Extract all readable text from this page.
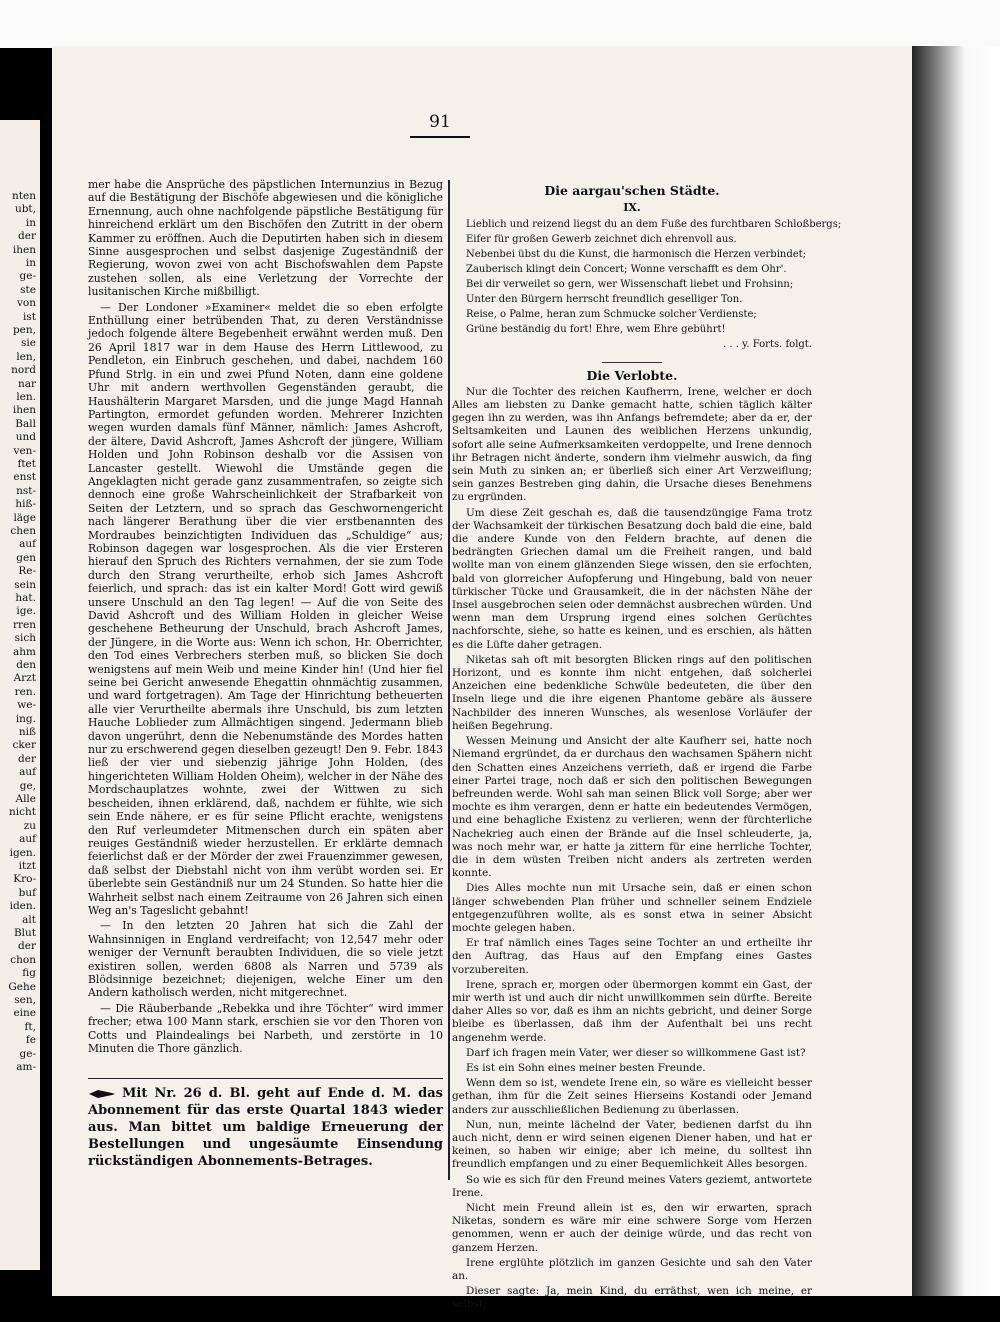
nten
ubt,
in
der
ihen
in
ge-
ste
von
ist
pen,
sie
len,
nord
nar
len.
ihen
Ball
und
ven-
ftet
enst
nst-
hiß-
läge
chen
auf
gen
Re-
sein
hat.
ige.
rren
sich
ahm
den
Arzt
ren.
we-
ing.
niß
cker
der
auf
ge,
Alle
nicht
zu
auf
igen.
itzt
Kro-
buf
iden.
alt
Blut
der
chon
fig
Gehe
sen,
eine
ft,
fe
ge-
am-
91

mer habe die Ansprüche des päpstlichen Internunzius in Bezug auf die Bestätigung der Bischöfe abgewiesen und die königliche Ernennung, auch ohne nachfolgende päpstliche Bestätigung für hinreichend erklärt um den Bischöfen den Zutritt in der obern Kammer zu eröffnen. Auch die Deputirten haben sich in diesem Sinne ausgesprochen und selbst dasjenige Zugeständniß der Regierung, wovon zwei von acht Bischofswahlen dem Papste zustehen sollen, als eine Verletzung der Vorrechte der lusitanischen Kirche mißbilligt.

— Der Londoner »Examiner« meldet die so eben erfolgte Enthüllung einer betrübenden That, zu deren Verständnisse jedoch folgende ältere Begebenheit erwähnt werden muß. Den 26 April 1817 war in dem Hause des Herrn Littlewood, zu Pendleton, ein Einbruch geschehen, und dabei, nachdem 160 Pfund Strlg. in ein und zwei Pfund Noten, dann eine goldene Uhr mit andern werthvollen Gegenständen geraubt, die Haushälterin Margaret Marsden, und die junge Magd Hannah Partington, ermordet gefunden worden. Mehrerer Inzichten wegen wurden damals fünf Männer, nämlich: James Ashcroft, der ältere, David Ashcroft, James Ashcroft der jüngere, William Holden und John Robinson deshalb vor die Assisen von Lancaster gestellt. Wiewohl die Umstände gegen die Angeklagten nicht gerade ganz zusammentrafen, so zeigte sich dennoch eine große Wahrscheinlichkeit der Strafbarkeit von Seiten der Letztern, und so sprach das Geschwornengericht nach längerer Berathung über die vier erstbenannten des Mordraubes beinzichtigten Individuen das „Schuldige“ aus; Robinson dagegen war losgesprochen. Als die vier Ersteren hierauf den Spruch des Richters vernahmen, der sie zum Tode durch den Strang verurtheilte, erhob sich James Ashcroft feierlich, und sprach: das ist ein kalter Mord! Gott wird gewiß unsere Unschuld an den Tag legen! — Auf die von Seite des David Ashcroft und des William Holden in gleicher Weise geschehene Betheurung der Unschuld, brach Ashcroft James, der Jüngere, in die Worte aus: Wenn ich schon, Hr. Oberrichter, den Tod eines Verbrechers sterben muß, so blicken Sie doch wenigstens auf mein Weib und meine Kinder hin! (Und hier fiel seine bei Gericht anwesende Ehegattin ohnmächtig zusammen, und ward fortgetragen). Am Tage der Hinrichtung betheuerten alle vier Verurtheilte abermals ihre Unschuld, bis zum letzten Hauche Loblieder zum Allmächtigen singend. Jedermann blieb davon ungerührt, denn die Nebenumstände des Mordes hatten nur zu erschwerend gegen dieselben gezeugt! Den 9. Febr. 1843 ließ der vier und siebenzig jährige John Holden, (des hingerichteten William Holden Oheim), welcher in der Nähe des Mordschauplatzes wohnte, zwei der Wittwen zu sich bescheiden, ihnen erklärend, daß, nachdem er fühlte, wie sich sein Ende nähere, er es für seine Pflicht erachte, wenigstens den Ruf verleumdeter Mitmenschen durch ein späten aber reuiges Geständniß wieder herzustellen. Er erklärte demnach feierlichst daß er der Mörder der zwei Frauenzimmer gewesen, daß selbst der Diebstahl nicht von ihm verübt worden sei. Er überlebte sein Geständniß nur um 24 Stunden. So hatte hier die Wahrheit selbst nach einem Zeitraume von 26 Jahren sich einen Weg an's Tageslicht gebahnt!

— In den letzten 20 Jahren hat sich die Zahl der Wahnsinnigen in England verdreifacht; von 12,547 mehr oder weniger der Vernunft beraubten Individuen, die so viele jetzt existiren sollen, werden 6808 als Narren und 5739 als Blödsinnige bezeichnet; diejenigen, welche Einer um den Andern katholisch werden, nicht mitgerechnet.

— Die Räuberbande „Rebekka und ihre Töchter“ wird immer frecher; etwa 100 Mann stark, erschien sie vor den Thoren von Cotts und Plaindealings bei Narbeth, und zerstörte in 10 Minuten die Thore gänzlich.

Mit Nr. 26 d. Bl. geht auf Ende d. M. das Abonnement für das erste Quartal 1843 wieder aus. Man bittet um baldige Erneuerung der Bestellungen und ungesäumte Einsendung rückständigen Abonnements-Betrages.
Die aargau'schen Städte.
IX.

Lieblich und reizend liegst du an dem Fuße des furchtbaren Schloßbergs;

Eifer für großen Gewerb zeichnet dich ehrenvoll aus.

Nebenbei übst du die Kunst, die harmonisch die Herzen verbindet;

Zauberisch klingt dein Concert; Wonne verschafft es dem Ohr'.

Bei dir verweilet so gern, wer Wissenschaft liebet und Frohsinn;

Unter den Bürgern herrscht freundlich geselliger Ton.

Reise, o Palme, heran zum Schmucke solcher Verdienste;

Grüne beständig du fort! Ehre, wem Ehre gebührt!

. . . y. Forts. folgt.
Die Verlobte.

Nur die Tochter des reichen Kaufherrn, Irene, welcher er doch Alles am liebsten zu Danke gemacht hatte, schien täglich kälter gegen ihn zu werden, was ihn Anfangs befremdete; aber da er, der Seltsamkeiten und Launen des weiblichen Herzens unkundig, sofort alle seine Aufmerksamkeiten verdoppelte, und Irene dennoch ihr Betragen nicht änderte, sondern ihm vielmehr auswich, da fing sein Muth zu sinken an; er überließ sich einer Art Verzweiflung; sein ganzes Bestreben ging dahin, die Ursache dieses Benehmens zu ergründen.

Um diese Zeit geschah es, daß die tausendzüngige Fama trotz der Wachsamkeit der türkischen Besatzung doch bald die eine, bald die andere Kunde von den Feldern brachte, auf denen die bedrängten Griechen damal um die Freiheit rangen, und bald wollte man von einem glänzenden Siege wissen, den sie erfochten, bald von glorreicher Aufopferung und Hingebung, bald von neuer türkischer Tücke und Grausamkeit, die in der nächsten Nähe der Insel ausgebrochen seien oder demnächst ausbrechen würden. Und wenn man dem Ursprung irgend eines solchen Gerüchtes nachforschte, siehe, so hatte es keinen, und es erschien, als hätten es die Lüfte daher getragen.

Niketas sah oft mit besorgten Blicken rings auf den politischen Horizont, und es konnte ihm nicht entgehen, daß solcherlei Anzeichen eine bedenkliche Schwüle bedeuteten, die über den Inseln liege und die ihre eigenen Phantome gebäre als äussere Nachbilder des inneren Wunsches, als wesenlose Vorläufer der heißen Begehrung.

Wessen Meinung und Ansicht der alte Kaufherr sei, hatte noch Niemand ergründet, da er durchaus den wachsamen Spähern nicht den Schatten eines Anzeichens verrieth, daß er irgend die Farbe einer Partei trage, noch daß er sich den politischen Bewegungen befreunden werde. Wohl sah man seinen Blick voll Sorge; aber wer mochte es ihm verargen, denn er hatte ein bedeutendes Vermögen, und eine behagliche Existenz zu verlieren, wenn der fürchterliche Nachekrieg auch einen der Brände auf die Insel schleuderte, ja, was noch mehr war, er hatte ja zittern für eine herrliche Tochter, die in dem wüsten Treiben nicht anders als zertreten werden konnte.

Dies Alles mochte nun mit Ursache sein, daß er einen schon länger schwebenden Plan früher und schneller seinem Endziele entgegenzuführen wollte, als es sonst etwa in seiner Absicht mochte gelegen haben.

Er traf nämlich eines Tages seine Tochter an und ertheilte ihr den Auftrag, das Haus auf den Empfang eines Gastes vorzubereiten.

Irene, sprach er, morgen oder übermorgen kommt ein Gast, der mir werth ist und auch dir nicht unwillkommen sein dürfte. Bereite daher Alles so vor, daß es ihm an nichts gebricht, und deiner Sorge bleibe es überlassen, daß ihm der Aufenthalt bei uns recht angenehm werde.

Darf ich fragen mein Vater, wer dieser so willkommene Gast ist?

Es ist ein Sohn eines meiner besten Freunde.

Wenn dem so ist, wendete Irene ein, so wäre es vielleicht besser gethan, ihm für die Zeit seines Hierseins Kostandi oder Jemand anders zur ausschließlichen Bedienung zu überlassen.

Nun, nun, meinte lächelnd der Vater, bedienen darfst du ihn auch nicht, denn er wird seinen eigenen Diener haben, und hat er keinen, so haben wir einige; aber ich meine, du solltest ihn freundlich empfangen und zu einer Bequemlichkeit Alles besorgen.

So wie es sich für den Freund meines Vaters geziemt, antwortete Irene.

Nicht mein Freund allein ist es, den wir erwarten, sprach Niketas, sondern es wäre mir eine schwere Sorge vom Herzen genommen, wenn er auch der deinige würde, und das recht von ganzem Herzen.

Irene erglühte plötzlich im ganzen Gesichte und sah den Vater an.

Dieser sagte: Ja, mein Kind, du erräthst, wen ich meine, er selbst,
